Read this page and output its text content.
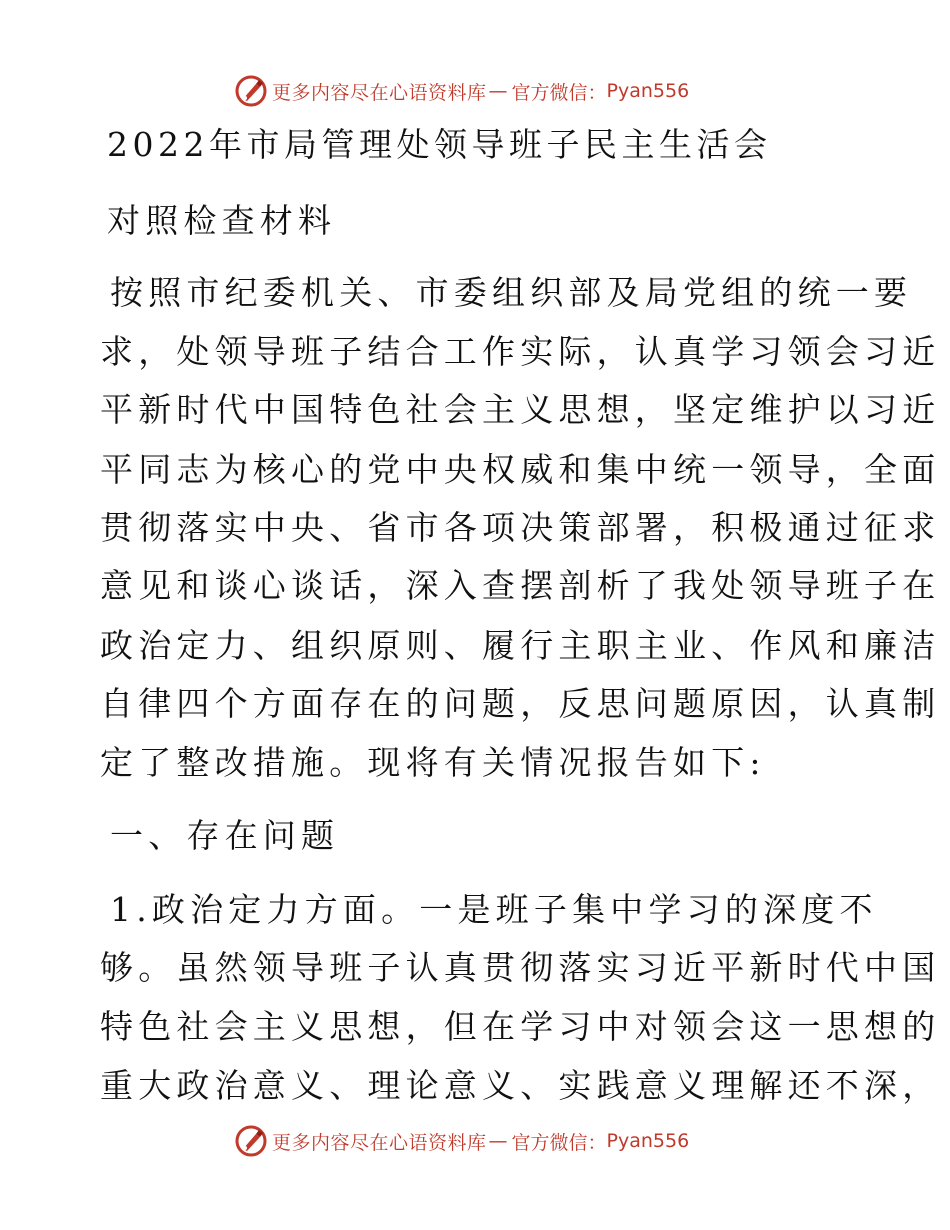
更多内容尽在心语资料库 — 官方微信： Pyan556
2022年市局管理处领导班子民主生活会
对照检查材料
按照市纪委机关、市委组织部及局党组的统一要
求，处领导班子结合工作实际，认真学习领会习近
平新时代中国特色社会主义思想，坚定维护以习近
平同志为核心的党中央权威和集中统一领导，全面
贯彻落实中央、省市各项决策部署，积极通过征求
意见和谈心谈话，深入查摆剖析了我处领导班子在
政治定力、组织原则、履行主职主业、作风和廉洁
自律四个方面存在的问题，反思问题原因，认真制
定了整改措施。现将有关情况报告如下:
一、存在问题
1.政治定力方面。一是班子集中学习的深度不
够。虽然领导班子认真贯彻落实习近平新时代中国
特色社会主义思想，但在学习中对领会这一思想的
重大政治意义、理论意义、实践意义理解还不深，
更多内容尽在心语资料库 — 官方微信： Pyan556
